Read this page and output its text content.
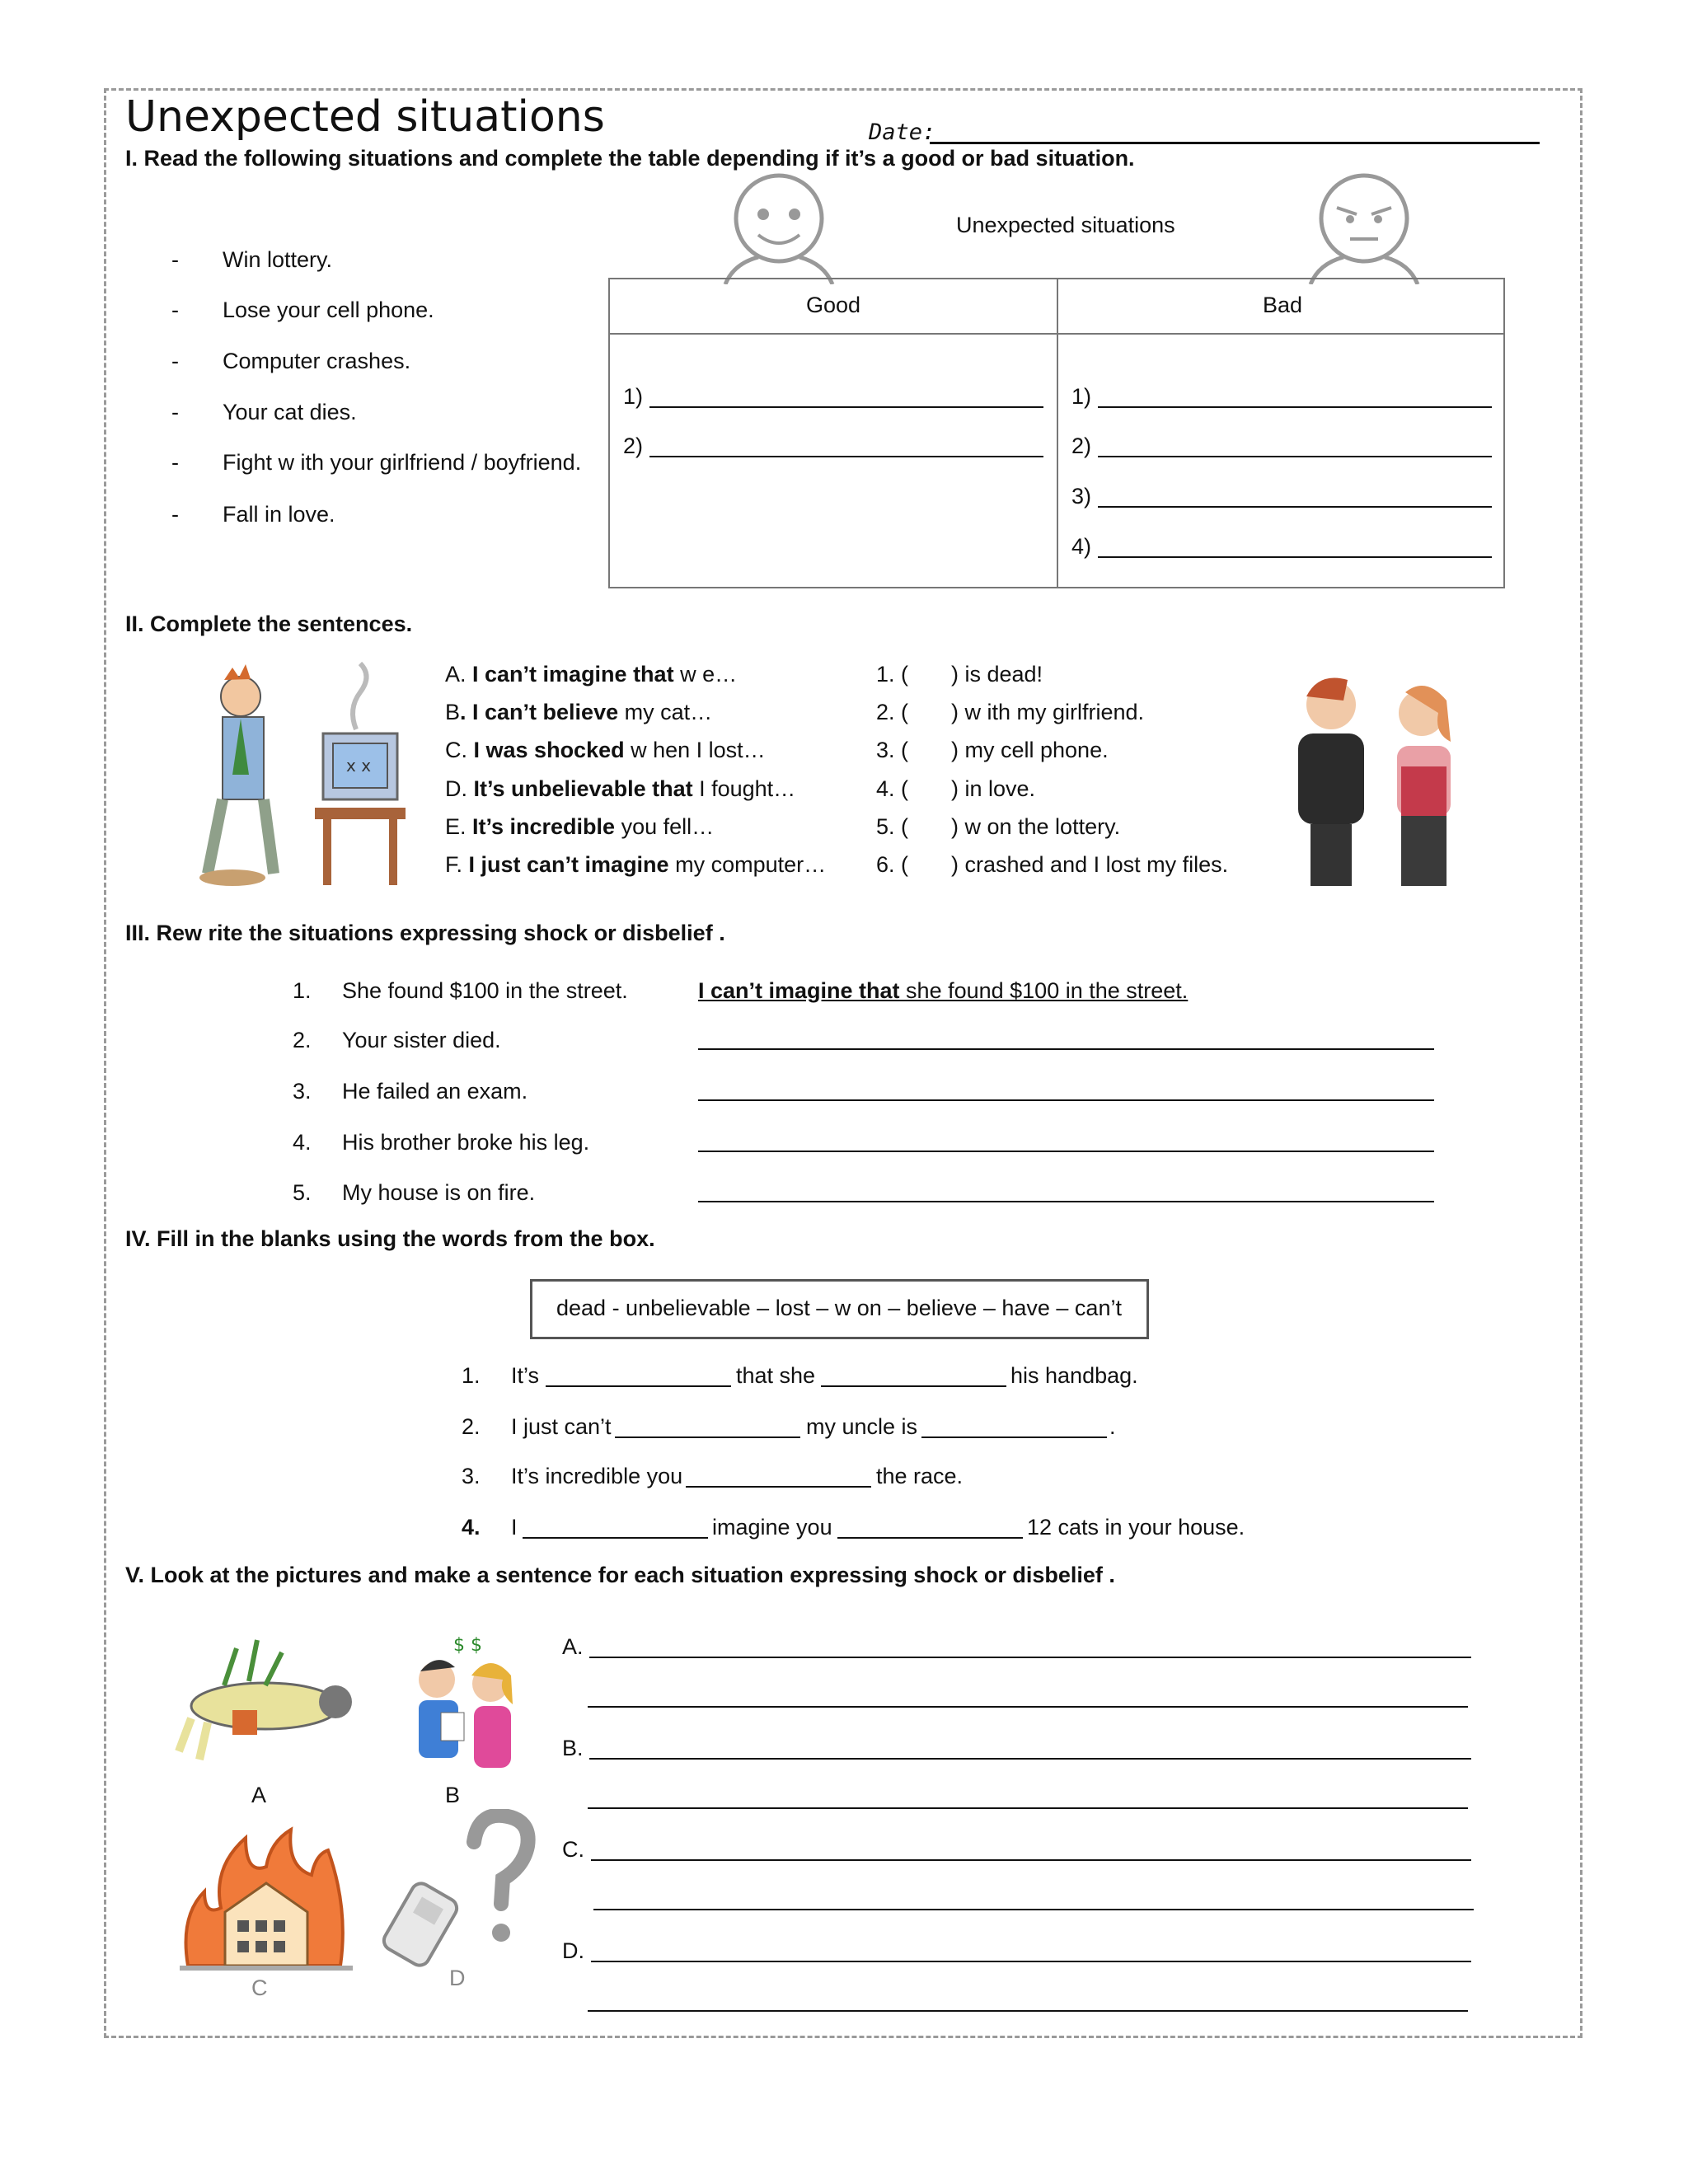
Unexpected situations	Date:
I. Read the following situations and complete the table depending if it’s a good or bad situation.
- Win lottery.
- Lose your cell phone.
- Computer crashes.
- Your cat dies.
- Fight w ith your girlfriend / boyfriend.
- Fall in love.
Unexpected situations
Good	Bad
1)
2)
1)
2)
3)
4)
II. Complete the sentences.
x x
A. I can’t imagine that w e…
B. I can’t believe my cat…
C. I was shocked w hen I lost…
D. It’s unbelievable that I fought…
E. It’s incredible you fell…
F. I just can’t imagine my computer…
1. ( ) is dead!
2. ( ) w ith my girlfriend.
3. ( ) my cell phone.
4. ( ) in love.
5. ( ) w on the lottery.
6. ( ) crashed and I lost my files.
III. Rew rite the situations expressing shock or disbelief .
1. She found $100 in the street.	I can’t imagine that she found $100 in the street.
2. Your sister died.
3. He failed an exam.
4. His brother broke his leg.
5. My house is on fire.
IV. Fill in the blanks using the words from the box.
dead - unbelievable – lost – w on – believe – have – can’t
1. It’s	that she	his handbag.
2. I just can’t	my uncle is	.
3. It’s incredible you	the race.
4. I	imagine you	12 cats in your house.
V. Look at the pictures and make a sentence for each situation expressing shock or disbelief .
A
$ $
B
C	D
A.
B.
C.
D.
